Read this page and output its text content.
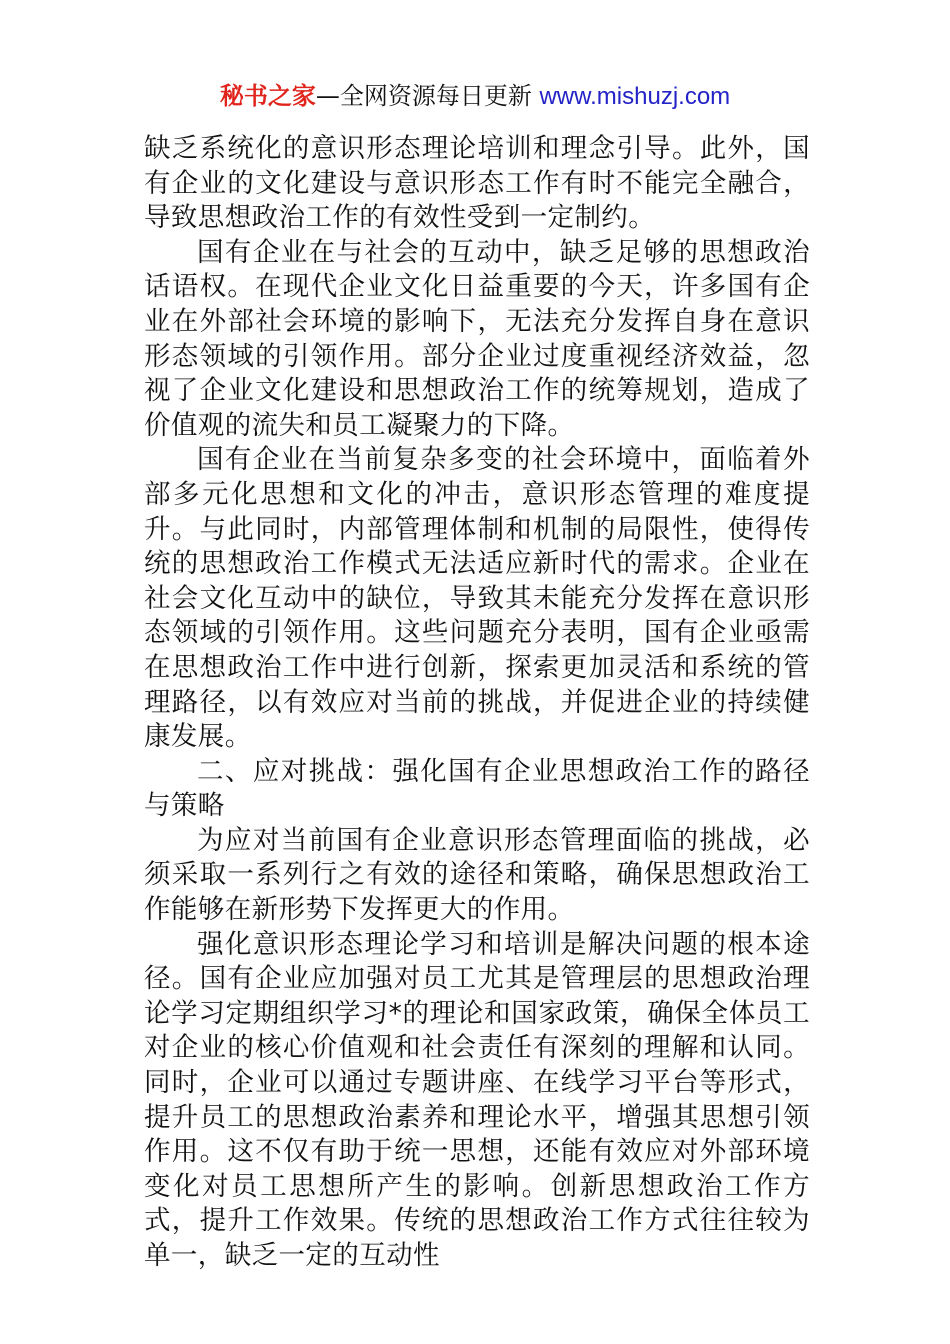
秘书之家—全网资源每日更新 www.mishuzj.com

缺乏系统化的意识形态理论培训和理念引导。此外，国有企业的文化建设与意识形态工作有时不能完全融合，导致思想政治工作的有效性受到一定制约。

国有企业在与社会的互动中，缺乏足够的思想政治话语权。在现代企业文化日益重要的今天，许多国有企业在外部社会环境的影响下，无法充分发挥自身在意识形态领域的引领作用。部分企业过度重视经济效益，忽视了企业文化建设和思想政治工作的统筹规划，造成了价值观的流失和员工凝聚力的下降。

国有企业在当前复杂多变的社会环境中，面临着外部多元化思想和文化的冲击，意识形态管理的难度提升。与此同时，内部管理体制和机制的局限性，使得传统的思想政治工作模式无法适应新时代的需求。企业在社会文化互动中的缺位，导致其未能充分发挥在意识形态领域的引领作用。这些问题充分表明，国有企业亟需在思想政治工作中进行创新，探索更加灵活和系统的管理路径，以有效应对当前的挑战，并促进企业的持续健康发展。

二、应对挑战：强化国有企业思想政治工作的路径与策略

为应对当前国有企业意识形态管理面临的挑战，必须采取一系列行之有效的途径和策略，确保思想政治工作能够在新形势下发挥更大的作用。

强化意识形态理论学习和培训是解决问题的根本途径。国有企业应加强对员工尤其是管理层的思想政治理论学习定期组织学习*的理论和国家政策，确保全体员工对企业的核心价值观和社会责任有深刻的理解和认同。同时，企业可以通过专题讲座、在线学习平台等形式，提升员工的思想政治素养和理论水平，增强其思想引领作用。这不仅有助于统一思想，还能有效应对外部环境变化对员工思想所产生的影响。创新思想政治工作方式，提升工作效果。传统的思想政治工作方式往往较为单一，缺乏一定的互动性
